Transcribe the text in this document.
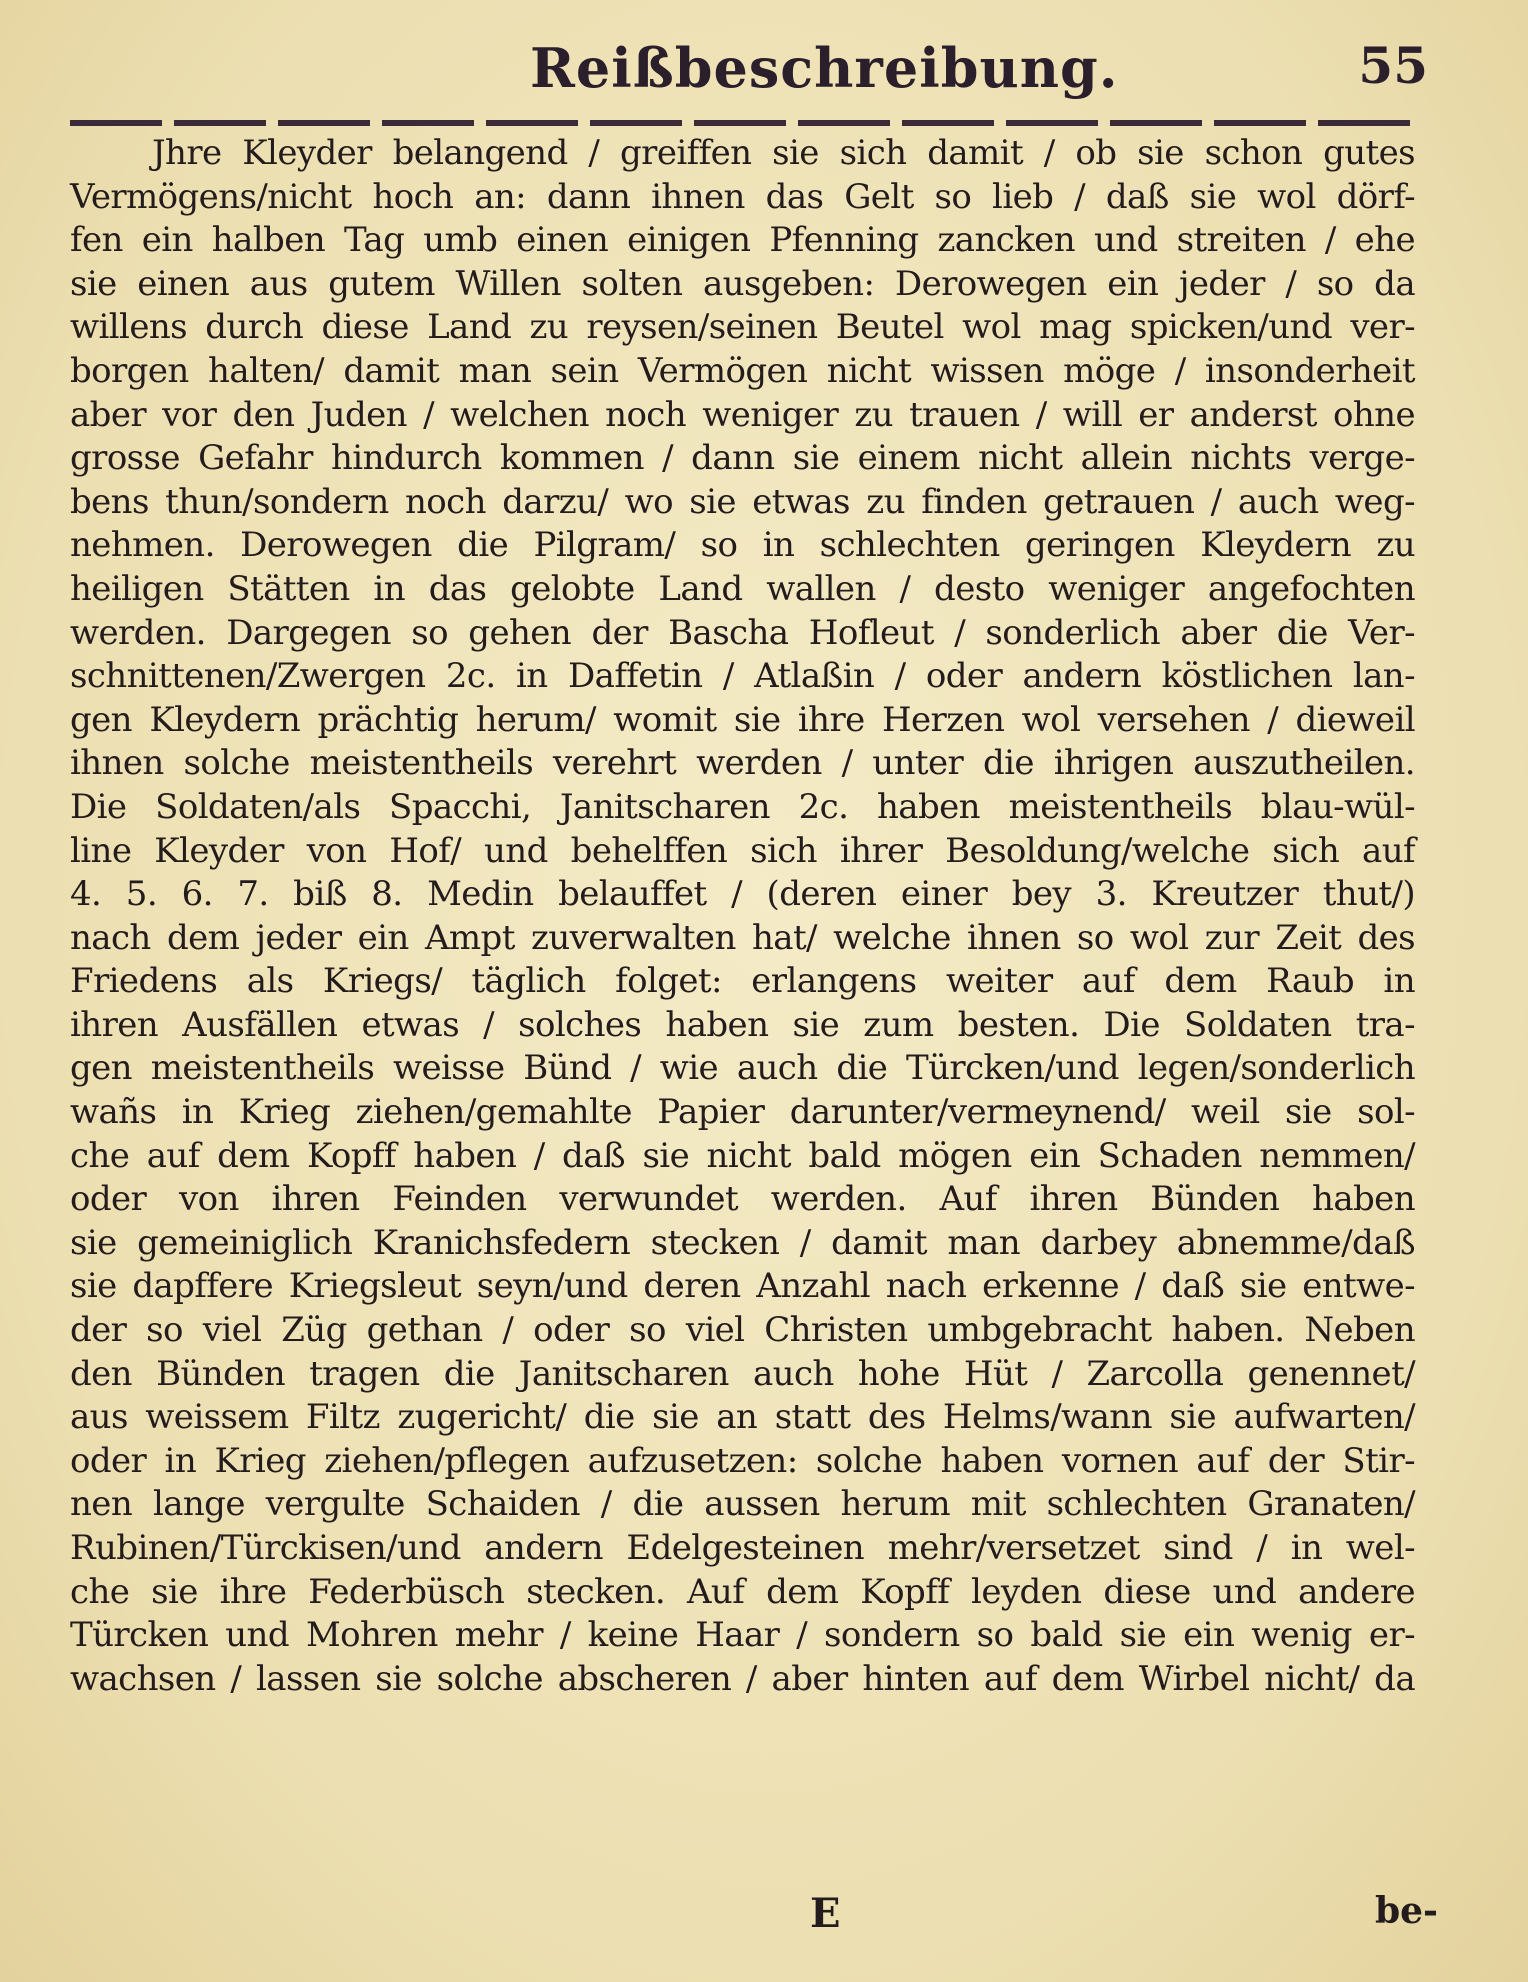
Reißbeschreibung.	55
Jhre Kleyder belangend / greiffen sie sich damit / ob sie schon gutes
Vermögens/nicht hoch an: dann ihnen das Gelt so lieb / daß sie wol dörf-
fen ein halben Tag umb einen einigen Pfenning zancken und streiten / ehe
sie einen aus gutem Willen solten ausgeben: Derowegen ein jeder / so da
willens durch diese Land zu reysen/seinen Beutel wol mag spicken/und ver-
borgen halten/ damit man sein Vermögen nicht wissen möge / insonderheit
aber vor den Juden / welchen noch weniger zu trauen / will er anderst ohne
grosse Gefahr hindurch kommen / dann sie einem nicht allein nichts verge-
bens thun/sondern noch darzu/ wo sie etwas zu finden getrauen / auch weg-
nehmen. Derowegen die Pilgram/ so in schlechten geringen Kleydern zu
heiligen Stätten in das gelobte Land wallen / desto weniger angefochten
werden. Dargegen so gehen der Bascha Hofleut / sonderlich aber die Ver-
schnittenen/Zwergen 2c. in Daffetin / Atlaßin / oder andern köstlichen lan-
gen Kleydern prächtig herum/ womit sie ihre Herzen wol versehen / dieweil
ihnen solche meistentheils verehrt werden / unter die ihrigen auszutheilen.
Die Soldaten/als Spacchi, Janitscharen 2c. haben meistentheils blau-wül-
line Kleyder von Hof/ und behelffen sich ihrer Besoldung/welche sich auf
4. 5. 6. 7. biß 8. Medin belauffet / (deren einer bey 3. Kreutzer thut/)
nach dem jeder ein Ampt zuverwalten hat/ welche ihnen so wol zur Zeit des
Friedens als Kriegs/ täglich folget: erlangens weiter auf dem Raub in
ihren Ausfällen etwas / solches haben sie zum besten. Die Soldaten tra-
gen meistentheils weisse Bünd / wie auch die Türcken/und legen/sonderlich
wañs in Krieg ziehen/gemahlte Papier darunter/vermeynend/ weil sie sol-
che auf dem Kopff haben / daß sie nicht bald mögen ein Schaden nemmen/
oder von ihren Feinden verwundet werden. Auf ihren Bünden haben
sie gemeiniglich Kranichsfedern stecken / damit man darbey abnemme/daß
sie dapffere Kriegsleut seyn/und deren Anzahl nach erkenne / daß sie entwe-
der so viel Züg gethan / oder so viel Christen umbgebracht haben. Neben
den Bünden tragen die Janitscharen auch hohe Hüt / Zarcolla genennet/
aus weissem Filtz zugericht/ die sie an statt des Helms/wann sie aufwarten/
oder in Krieg ziehen/pflegen aufzusetzen: solche haben vornen auf der Stir-
nen lange vergulte Schaiden / die aussen herum mit schlechten Granaten/
Rubinen/Türckisen/und andern Edelgesteinen mehr/versetzet sind / in wel-
che sie ihre Federbüsch stecken. Auf dem Kopff leyden diese und andere
Türcken und Mohren mehr / keine Haar / sondern so bald sie ein wenig er-
wachsen / lassen sie solche abscheren / aber hinten auf dem Wirbel nicht/ da
E	be-
